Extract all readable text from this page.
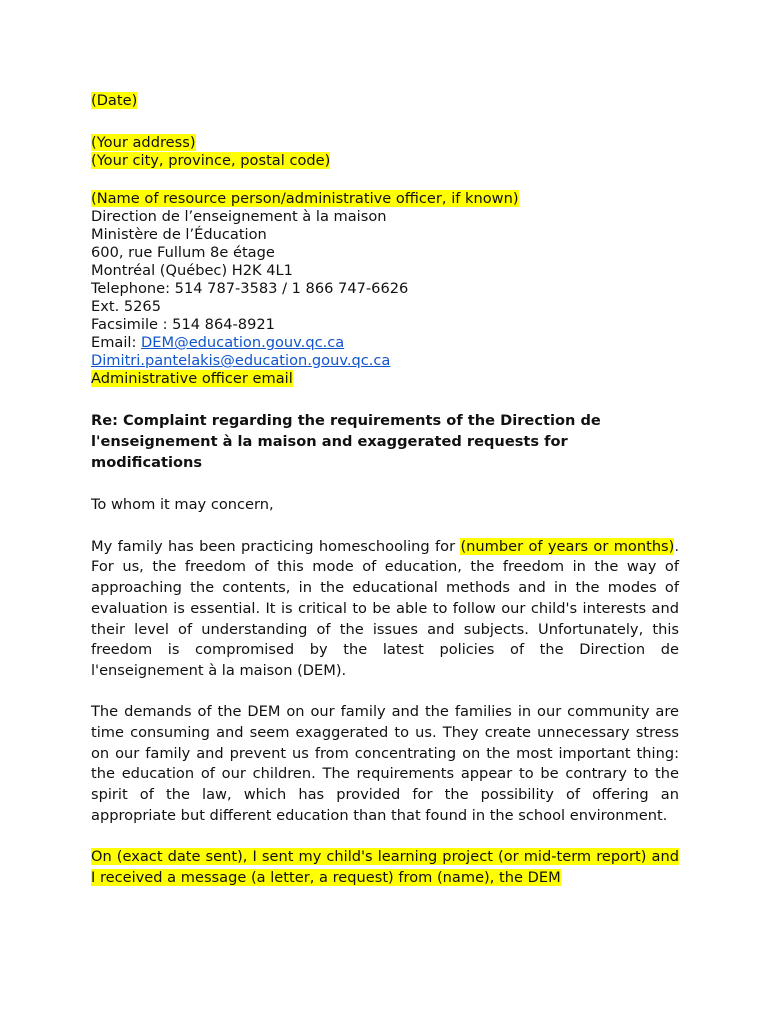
(Date)

(Your address)
(Your city, province, postal code)
(Name of resource person/administrative officer, if known)
Direction de l’enseignement à la maison
Ministère de l’Éducation
600, rue Fullum 8e étage
Montréal (Québec) H2K 4L1
Telephone: 514 787-3583 / 1 866 747-6626
Ext. 5265
Facsimile : 514 864-8921
Email: DEM@education.gouv.qc.ca
Dimitri.pantelakis@education.gouv.qc.ca
Administrative officer email

Re: Complaint regarding the requirements of the Direction de l'enseignement à la maison and exaggerated requests for modifications

To whom it may concern,

My family has been practicing homeschooling for (number of years or months). For us, the freedom of this mode of education, the freedom in the way of approaching the contents, in the educational methods and in the modes of evaluation is essential. It is critical to be able to follow our child's interests and their level of understanding of the issues and subjects. Unfortunately, this freedom is compromised by the latest policies of the Direction de l'enseignement à la maison (DEM).

The demands of the DEM on our family and the families in our community are time consuming and seem exaggerated to us. They create unnecessary stress on our family and prevent us from concentrating on the most important thing: the education of our children. The requirements appear to be contrary to the spirit of the law, which has provided for the possibility of offering an appropriate but different education than that found in the school environment.

On (exact date sent), I sent my child's learning project (or mid-term report) and I received a message (a letter, a request) from (name), the DEM
